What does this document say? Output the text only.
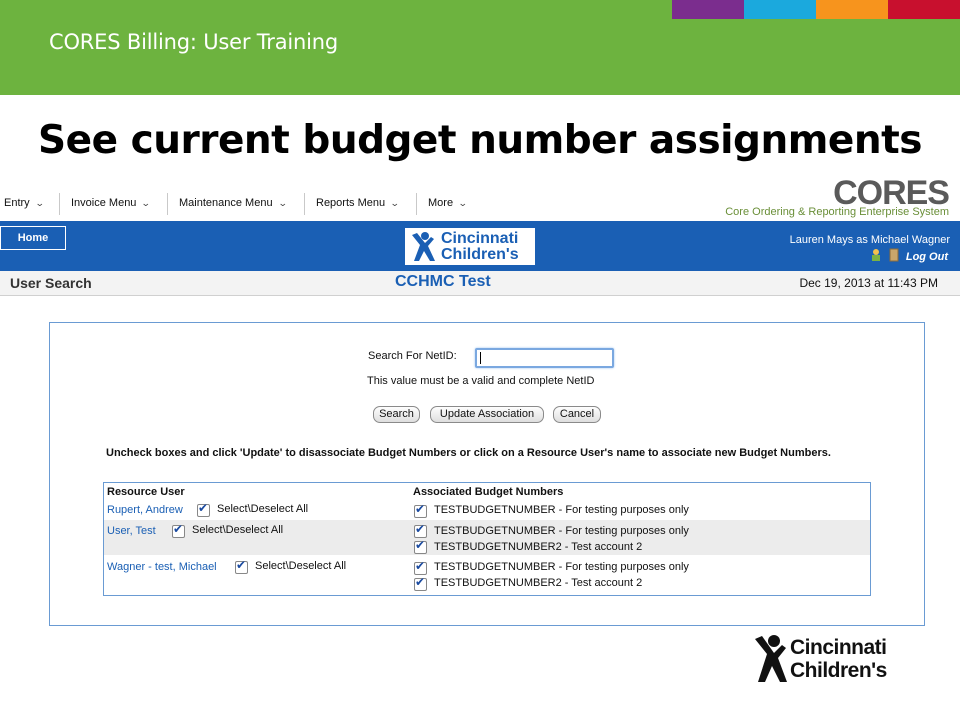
CORES Billing: User Training
See current budget number assignments
Entry ⌄ Invoice Menu ⌄	Maintenance Menu ⌄	Reports Menu ⌄	More ⌄	CORES
Core Ordering & Reporting Enterprise System
Home	Cincinnati
Children's
Lauren Mays as Michael Wagner
Log Out
User Search	CCHMC Test	Dec 19, 2013 at 11:43 PM
Search For NetID:
This value must be a valid and complete NetID
Search	Update Association	Cancel
Uncheck boxes and click 'Update' to disassociate Budget Numbers or click on a Resource User's name to associate new Budget Numbers.
Resource User	Associated Budget Numbers
Rupert, Andrew ✔	Select\Deselect All ✔	TESTBUDGETNUMBER - For testing purposes only
User, Test ✔	Select\Deselect All ✔	TESTBUDGETNUMBER - For testing purposes only
✔
TESTBUDGETNUMBER2 - Test account 2
Wagner - test, Michael ✔	Select\Deselect All ✔	TESTBUDGETNUMBER - For testing purposes only
✔
TESTBUDGETNUMBER2 - Test account 2
Cincinnati
Children's
